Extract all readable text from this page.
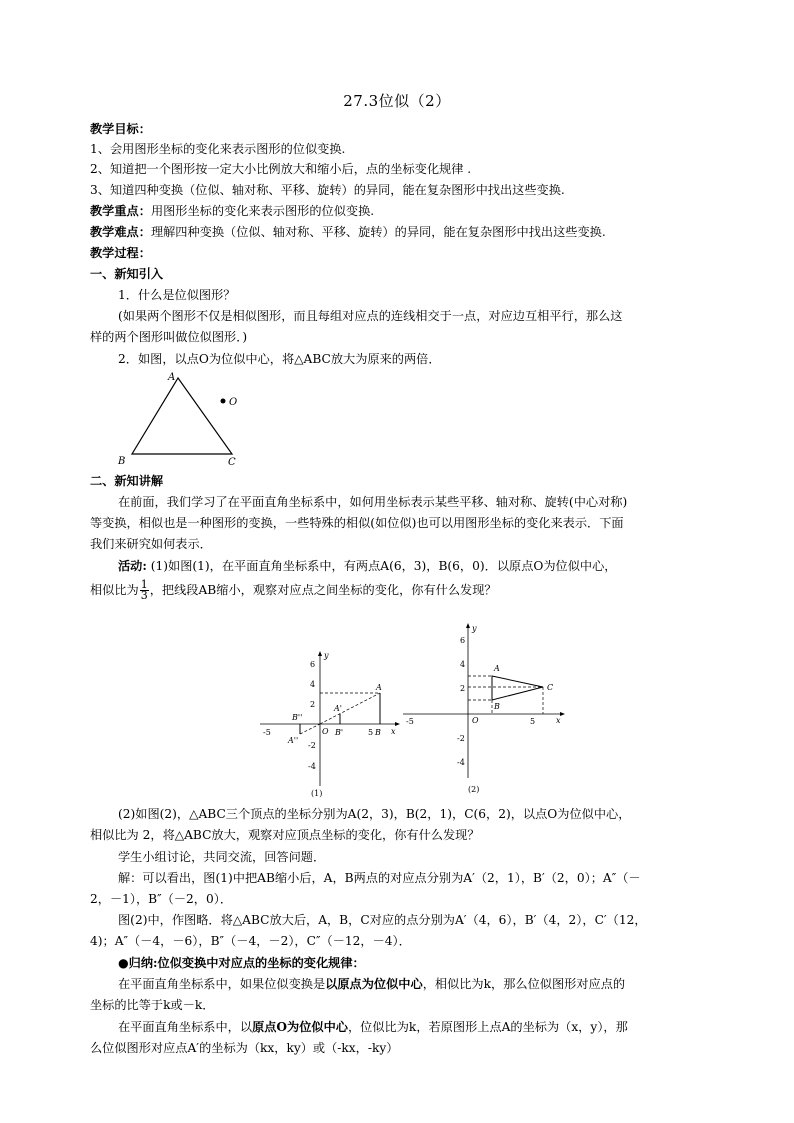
27.3位似（2）
教学目标：
1、会用图形坐标的变化来表示图形的位似变换.
2、知道把一个图形按一定大小比例放大和缩小后，点的坐标变化规律 .
3、知道四种变换（位似、轴对称、平移、旋转）的异同，能在复杂图形中找出这些变换.
教学重点：用图形坐标的变化来表示图形的位似变换.
教学难点：理解四种变换（位似、轴对称、平移、旋转）的异同，能在复杂图形中找出这些变换.
教学过程：
一、新知引入
1．什么是位似图形？
(如果两个图形不仅是相似图形，而且每组对应点的连线相交于一点，对应边互相平行，那么这
样的两个图形叫做位似图形．)
2．如图，以点O为位似中心，将△ABC放大为原来的两倍．
A
B	C
O
二、新知讲解
在前面，我们学习了在平面直角坐标系中，如何用坐标表示某些平移、轴对称、旋转(中心对称)
等变换，相似也是一种图形的变换，一些特殊的相似(如位似)也可以用图形坐标的变化来表示．下面
我们来研究如何表示．
活动: (1)如图(1)，在平面直角坐标系中，有两点A(6，3)，B(6，0)．以原点O为位似中心，
相似比为 $\frac{1}{3}$ ，把线段AB缩小，观察对应点之间坐标的变化，你有什么发现？
x
y
O
-5	5
6
4
2
-2
-4
A
B
A'
B'
A''
B''
(1)
x
y
O
-5	5
6
4
2
-2
-4
A
B
C
(2)
(2)如图(2)，△ABC三个顶点的坐标分别为A(2，3)，B(2，1)，C(6，2)，以点O为位似中心，
相似比为 2，将△ABC放大，观察对应顶点坐标的变化，你有什么发现？
学生小组讨论，共同交流，回答问题．
解：可以看出，图(1)中把AB缩小后，A，B两点的对应点分别为A′（2，1），B′（2，0）；A″（－
2，－1），B″（－2，0）．
图(2)中，作图略．将△ABC放大后，A，B，C对应的点分别为A′（4，6），B′（4，2），C′（12，
4)；A″（－4，－6），B″（－4，－2），C″（－12，－4）．
●归纳:位似变换中对应点的坐标的变化规律：
在平面直角坐标系中，如果位似变换是以原点为位似中心，相似比为k，那么位似图形对应点的
坐标的比等于k或－k．
在平面直角坐标系中，以原点O为位似中心，位似比为k，若原图形上点A的坐标为（x，y），那
么位似图形对应点A′的坐标为（kx，ky）或（-kx，-ky）
